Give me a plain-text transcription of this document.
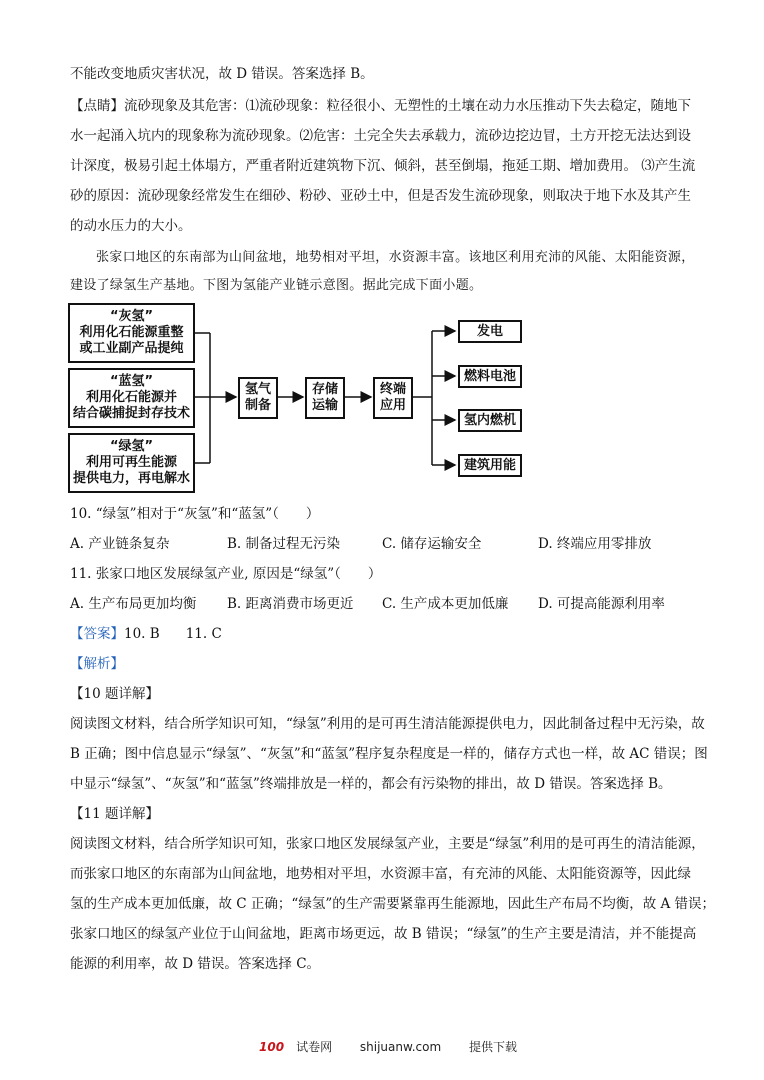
不能改变地质灾害状况，故 D 错误。答案选择 B。
【点睛】流砂现象及其危害：⑴流砂现象：粒径很小、无塑性的土壤在动力水压推动下失去稳定，随地下
水一起涌入坑内的现象称为流砂现象。⑵危害：土完全失去承载力，流砂边挖边冒，土方开挖无法达到设
计深度，极易引起土体塌方，严重者附近建筑物下沉、倾斜，甚至倒塌，拖延工期、增加费用。 ⑶产生流
砂的原因：流砂现象经常发生在细砂、粉砂、亚砂土中，但是否发生流砂现象，则取决于地下水及其产生
的动水压力的大小。
张家口地区的东南部为山间盆地，地势相对平坦，水资源丰富。该地区利用充沛的风能、太阳能资源，
建设了绿氢生产基地。下图为氢能产业链示意图。据此完成下面小题。
“灰氢”
利用化石能源重整
或工业副产品提纯
“蓝氢”
利用化石能源并
结合碳捕捉封存技术
“绿氢”
利用可再生能源
提供电力，再电解水
氢气
制备
存储
运输
终端
应用
发电
燃料电池
氢内燃机
建筑用能
10. “绿氢”相对于“灰氢”和“蓝氢”（　　）
A. 产业链条复杂	B. 制备过程无污染	C. 储存运输安全	D. 终端应用零排放
11. 张家口地区发展绿氢产业, 原因是“绿氢”（　　）
A. 生产布局更加均衡 B. 距离消费市场更近 C. 生产成本更加低廉 D. 可提高能源利用率
【答案】10. B 11. C
【解析】
【10 题详解】
阅读图文材料，结合所学知识可知，“绿氢”利用的是可再生清洁能源提供电力，因此制备过程中无污染，故
B 正确；图中信息显示“绿氢”、“灰氢”和“蓝氢”程序复杂程度是一样的，储存方式也一样，故 AC 错误；图
中显示“绿氢”、“灰氢”和“蓝氢”终端排放是一样的，都会有污染物的排出，故 D 错误。答案选择 B。
【11 题详解】
阅读图文材料，结合所学知识可知，张家口地区发展绿氢产业，主要是“绿氢”利用的是可再生的清洁能源，
而张家口地区的东南部为山间盆地，地势相对平坦，水资源丰富，有充沛的风能、太阳能资源等，因此绿
氢的生产成本更加低廉，故 C 正确；“绿氢”的生产需要紧靠再生能源地，因此生产布局不均衡，故 A 错误；
张家口地区的绿氢产业位于山间盆地，距离市场更远，故 B 错误；“绿氢”的生产主要是清洁，并不能提高
能源的利用率，故 D 错误。答案选择 C。
100 试卷网 shijuanw.com 提供下载
